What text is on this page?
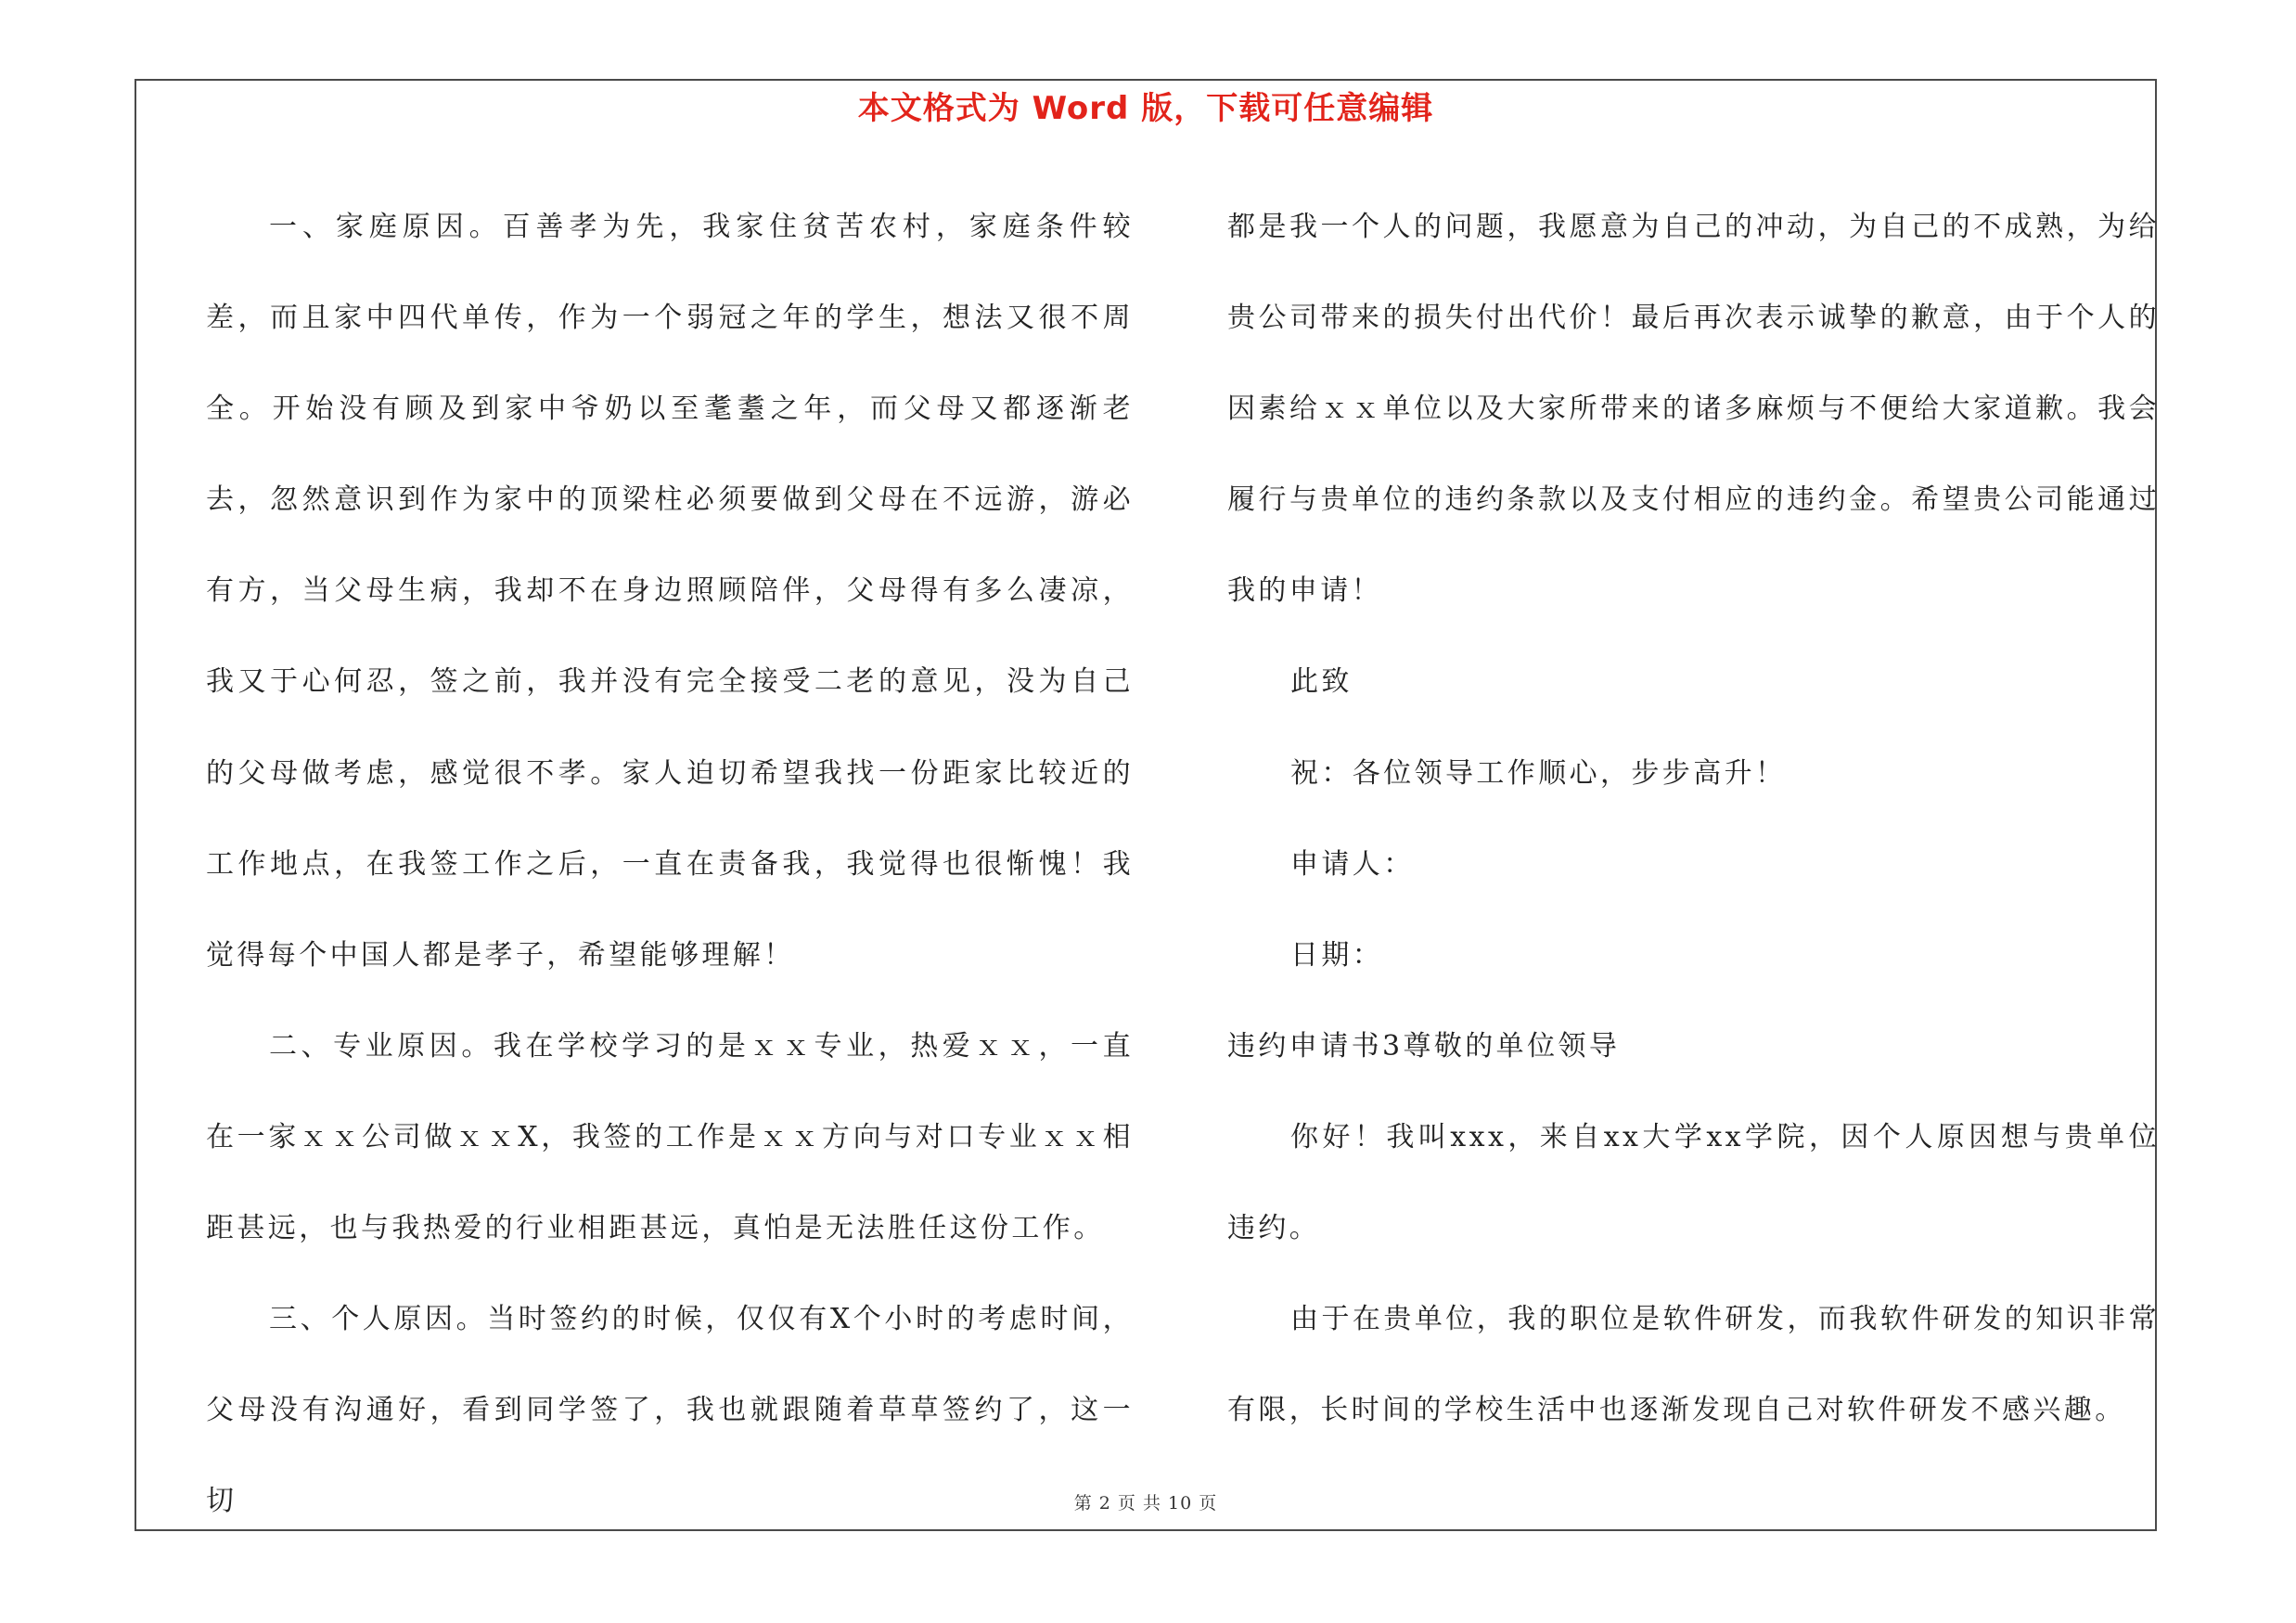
本文格式为 Word 版，下载可任意编辑

一、家庭原因。百善孝为先，我家住贫苦农村，家庭条件较差，而且家中四代单传，作为一个弱冠之年的学生，想法又很不周全。开始没有顾及到家中爷奶以至耄耋之年，而父母又都逐渐老去，忽然意识到作为家中的顶梁柱必须要做到父母在不远游，游必有方，当父母生病，我却不在身边照顾陪伴，父母得有多么凄凉，我又于心何忍，签之前，我并没有完全接受二老的意见，没为自己的父母做考虑，感觉很不孝。家人迫切希望我找一份距家比较近的工作地点，在我签工作之后，一直在责备我，我觉得也很惭愧！我觉得每个中国人都是孝子，希望能够理解！

二、专业原因。我在学校学习的是ｘｘ专业，热爱ｘｘ，一直在一家ｘｘ公司做ｘｘX，我签的工作是ｘｘ方向与对口专业ｘｘ相距甚远，也与我热爱的行业相距甚远，真怕是无法胜任这份工作。

三、个人原因。当时签约的时候，仅仅有X个小时的考虑时间，父母没有沟通好，看到同学签了，我也就跟随着草草签约了，这一切

都是我一个人的问题，我愿意为自己的冲动，为自己的不成熟，为给贵公司带来的损失付出代价！最后再次表示诚挚的歉意，由于个人的因素给ｘｘ单位以及大家所带来的诸多麻烦与不便给大家道歉。我会履行与贵单位的违约条款以及支付相应的违约金。希望贵公司能通过我的申请！

此致

祝：各位领导工作顺心，步步高升！

申请人：

日期：

违约申请书3尊敬的单位领导

你好！我叫xxx，来自xx大学xx学院，因个人原因想与贵单位违约。

由于在贵单位，我的职位是软件研发，而我软件研发的知识非常有限，长时间的学校生活中也逐渐发现自己对软件研发不感兴趣。

第 2 页 共 10 页
